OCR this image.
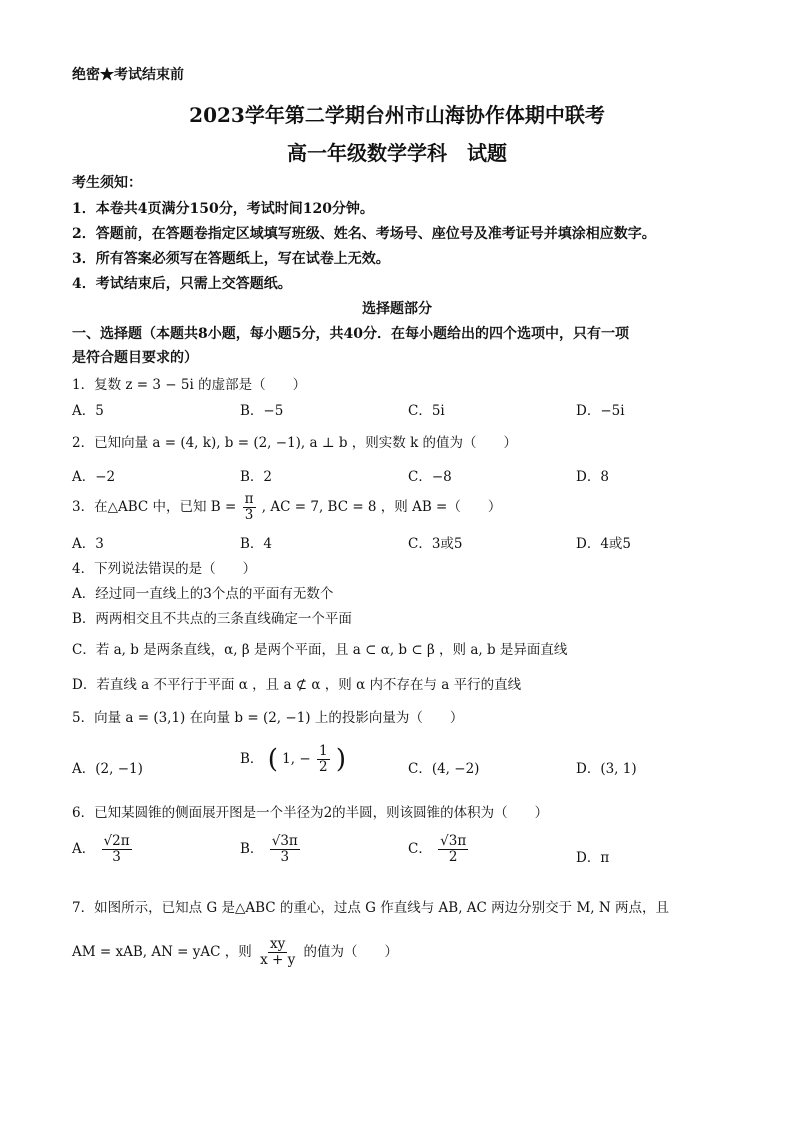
绝密★考试结束前
2023学年第二学期台州市山海协作体期中联考
高一年级数学学科　试题
考生须知：
1．本卷共4页满分150分，考试时间120分钟。
2．答题前，在答题卷指定区域填写班级、姓名、考场号、座位号及准考证号并填涂相应数字。
3．所有答案必须写在答题纸上，写在试卷上无效。
4．考试结束后，只需上交答题纸。
选择题部分
一、选择题（本题共8小题，每小题5分，共40分．在每小题给出的四个选项中，只有一项
是符合题目要求的）
1．复数 z = 3 − 5i 的虚部是（　　）
A．5	B．−5	C．5i	D．−5i
2．已知向量 a = (4, k), b = (2, −1), a ⊥ b ，则实数 k 的值为（　　）
A．−2	B．2	C．−8	D．8
3．在△ABC 中，已知 $B = \frac{\pi}{3}$ , AC = 7, BC = 8 ，则 AB =（　　）
A．3	B．4	C．3或5	D．4或5
4．下列说法错误的是（　　）
A．经过同一直线上的3个点的平面有无数个
B．两两相交且不共点的三条直线确定一个平面
C．若 a, b 是两条直线，α, β 是两个平面，且 a ⊂ α, b ⊂ β ，则 a, b 是异面直线
D．若直线 a 不平行于平面 α ，且 a ⊄ α ，则 α 内不存在与 a 平行的直线
5．向量 a = (3,1) 在向量 b = (2, −1) 上的投影向量为（　　）
A．(2, −1)
B． ( 1, − $\frac{1}{2}$ )	C．(4, −2)	D．(3, 1)
6．已知某圆锥的侧面展开图是一个半径为2的半圆，则该圆锥的体积为（　　）
A． $\frac{√2\pi}{3}$	B． $\frac{√3\pi}{3}$	C． $\frac{√3\pi}{2}$	D．π
7．如图所示，已知点 G 是△ABC 的重心，过点 G 作直线与 AB, AC 两边分别交于 M, N 两点，且
AM = xAB, AN = yAC ，则 $\frac{xy}{x + y}$ 的值为（　　）
